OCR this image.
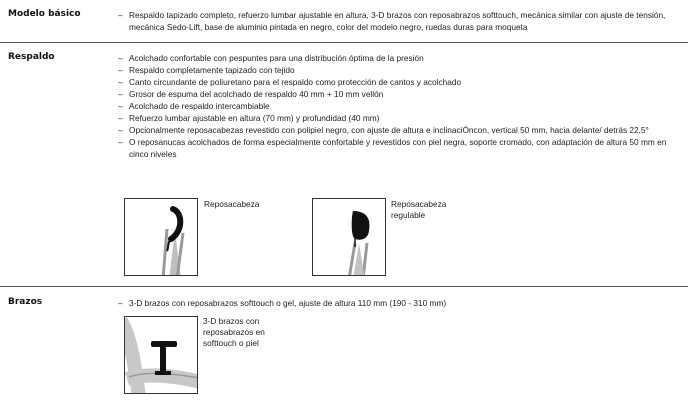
Modelo básico	– Respaldo tapizado completo, refuerzo lumbar ajustable en altura, 3-D brazos con reposabrazos softtouch, mecánica similar con ajuste de tensión, mecánica Sedo-Lift, base de aluminio pintada en negro, color del modelo negro, ruedas duras para moqueta

Respaldo	– Acolchado confortable con pespuntes para una distribución óptima de la presión

– Respaldo completamente tapizado con tejido

– Canto circundante de poliuretano para el respaldo como protección de cantos y acolchado

– Grosor de espuma del acolchado de respaldo 40 mm + 10 mm vellón

– Acolchado de respaldo intercambiable

– Refuerzo lumbar ajustable en altura (70 mm) y profundidad (40 mm)

– Opcionalmente reposacabezas revestido con polipiel negro, con ajuste de altura e inclinaciÓncon, vertical 50 mm, hacia delante/ detrás 22,5°

– O reposanucas acolchados de forma especialmente confortable y revestidos con piel negra, soporte cromado, con adaptación de altura 50 mm en cinco niveles

Reposacabeza	Reposacabeza regulable
Brazos	– 3-D brazos con reposabrazos softtouch o gel, ajuste de altura 110 mm (190 - 310 mm)

3-D brazos con reposabrazos en softtouch o piel
